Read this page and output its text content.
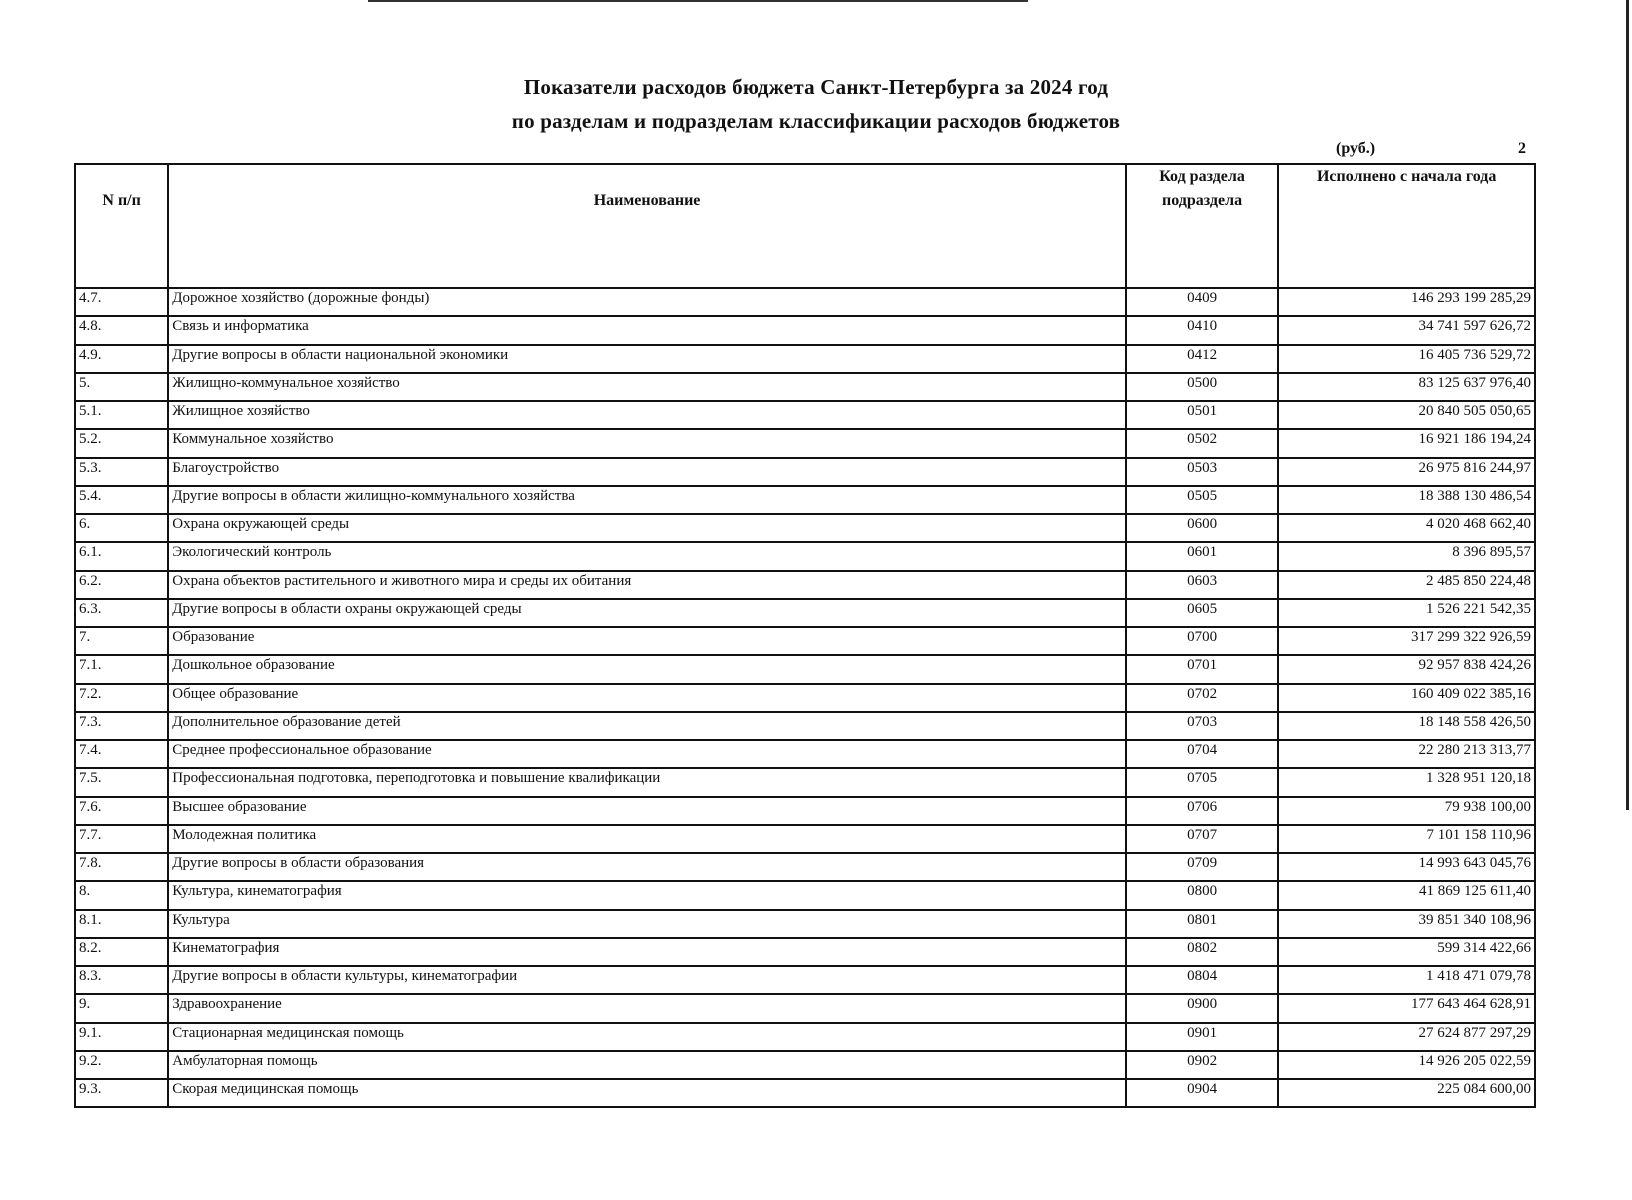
Показатели расходов бюджета Санкт-Петербурга за 2024 год
по разделам и подразделам классификации расходов бюджетов
(руб.)	2
N п/п	Наименование	Код раздела подраздела	Исполнено с начала года
4.7.	Дорожное хозяйство (дорожные фонды)	0409	146 293 199 285,29
4.8.	Связь и информатика	0410	34 741 597 626,72
4.9.	Другие вопросы в области национальной экономики	0412	16 405 736 529,72
5.	Жилищно-коммунальное хозяйство	0500	83 125 637 976,40
5.1.	Жилищное хозяйство	0501	20 840 505 050,65
5.2.	Коммунальное хозяйство	0502	16 921 186 194,24
5.3.	Благоустройство	0503	26 975 816 244,97
5.4.	Другие вопросы в области жилищно-коммунального хозяйства	0505	18 388 130 486,54
6.	Охрана окружающей среды	0600	4 020 468 662,40
6.1.	Экологический контроль	0601	8 396 895,57
6.2.	Охрана объектов растительного и животного мира и среды их обитания	0603	2 485 850 224,48
6.3.	Другие вопросы в области охраны окружающей среды	0605	1 526 221 542,35
7.	Образование	0700	317 299 322 926,59
7.1.	Дошкольное образование	0701	92 957 838 424,26
7.2.	Общее образование	0702	160 409 022 385,16
7.3.	Дополнительное образование детей	0703	18 148 558 426,50
7.4.	Среднее профессиональное образование	0704	22 280 213 313,77
7.5.	Профессиональная подготовка, переподготовка и повышение квалификации	0705	1 328 951 120,18
7.6.	Высшее образование	0706	79 938 100,00
7.7.	Молодежная политика	0707	7 101 158 110,96
7.8.	Другие вопросы в области образования	0709	14 993 643 045,76
8.	Культура, кинематография	0800	41 869 125 611,40
8.1.	Культура	0801	39 851 340 108,96
8.2.	Кинематография	0802	599 314 422,66
8.3.	Другие вопросы в области культуры, кинематографии	0804	1 418 471 079,78
9.	Здравоохранение	0900	177 643 464 628,91
9.1.	Стационарная медицинская помощь	0901	27 624 877 297,29
9.2.	Амбулаторная помощь	0902	14 926 205 022,59
9.3.	Скорая медицинская помощь	0904	225 084 600,00
